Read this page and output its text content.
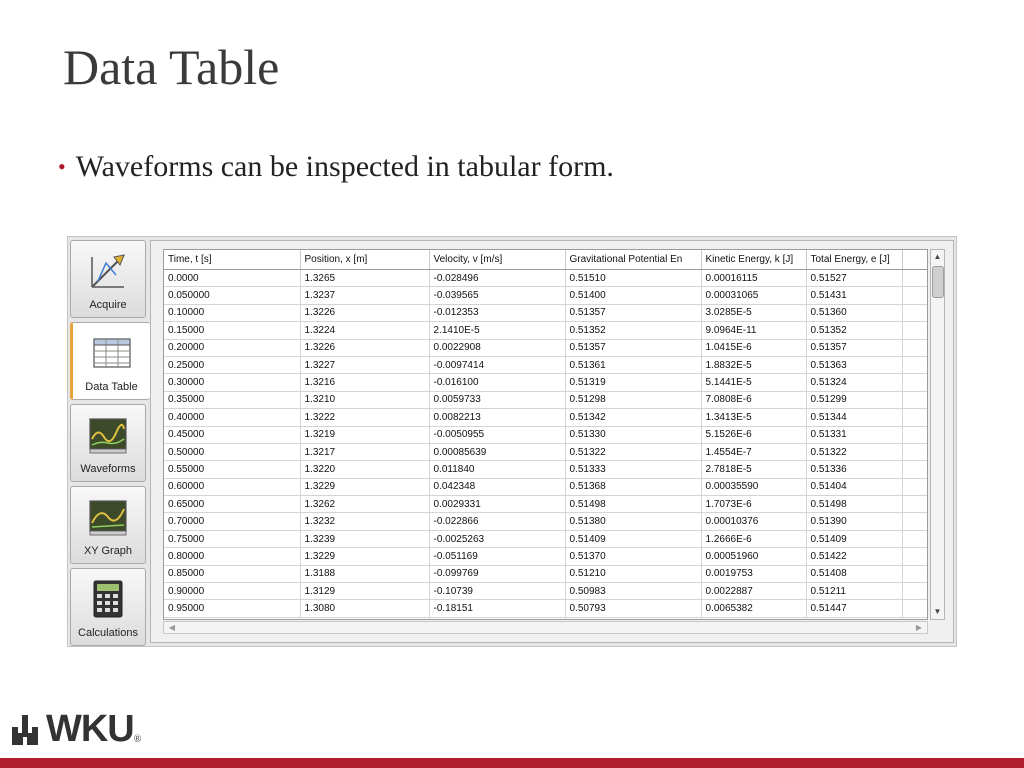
Data Table
• Waveforms can be inspected in tabular form.
Acquire
Data Table
Waveforms
XY Graph
Calculations
Time, t [s]	Position, x [m]	Velocity, v [m/s]	Gravitational Potential En	Kinetic Energy, k [J]	Total Energy, e [J]	
0.0000	1.3265	-0.028496	0.51510	0.00016115	0.51527	
0.050000	1.3237	-0.039565	0.51400	0.00031065	0.51431	
0.10000	1.3226	-0.012353	0.51357	3.0285E-5	0.51360	
0.15000	1.3224	2.1410E-5	0.51352	9.0964E-11	0.51352	
0.20000	1.3226	0.0022908	0.51357	1.0415E-6	0.51357	
0.25000	1.3227	-0.0097414	0.51361	1.8832E-5	0.51363	
0.30000	1.3216	-0.016100	0.51319	5.1441E-5	0.51324	
0.35000	1.3210	0.0059733	0.51298	7.0808E-6	0.51299	
0.40000	1.3222	0.0082213	0.51342	1.3413E-5	0.51344	
0.45000	1.3219	-0.0050955	0.51330	5.1526E-6	0.51331	
0.50000	1.3217	0.00085639	0.51322	1.4554E-7	0.51322	
0.55000	1.3220	0.011840	0.51333	2.7818E-5	0.51336	
0.60000	1.3229	0.042348	0.51368	0.00035590	0.51404	
0.65000	1.3262	0.0029331	0.51498	1.7073E-6	0.51498	
0.70000	1.3232	-0.022866	0.51380	0.00010376	0.51390	
0.75000	1.3239	-0.0025263	0.51409	1.2666E-6	0.51409	
0.80000	1.3229	-0.051169	0.51370	0.00051960	0.51422	
0.85000	1.3188	-0.099769	0.51210	0.0019753	0.51408	
0.90000	1.3129	-0.10739	0.50983	0.0022887	0.51211	
0.95000	1.3080	-0.18151	0.50793	0.0065382	0.51447	
▲
▼
◀	▶
WKU ®
